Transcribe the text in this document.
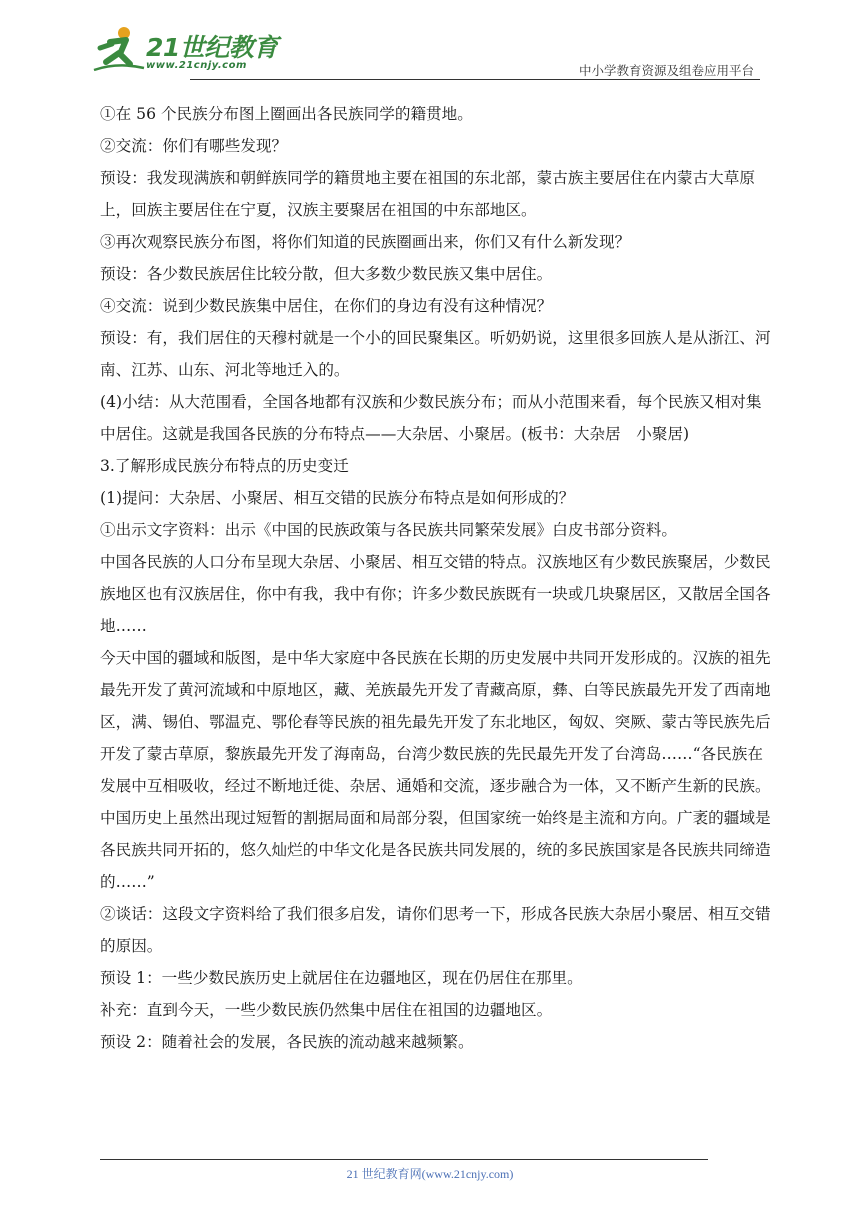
21世纪教育
www.21cnjy.com	中小学教育资源及组卷应用平台

①在 56 个民族分布图上圈画出各民族同学的籍贯地。

②交流：你们有哪些发现？

预设：我发现满族和朝鲜族同学的籍贯地主要在祖国的东北部，蒙古族主要居住在内蒙古大草原上，回族主要居住在宁夏，汉族主要聚居在祖国的中东部地区。

③再次观察民族分布图，将你们知道的民族圈画出来，你们又有什么新发现？

预设：各少数民族居住比较分散，但大多数少数民族又集中居住。

④交流：说到少数民族集中居住，在你们的身边有没有这种情况？

预设：有，我们居住的天穆村就是一个小的回民聚集区。听奶奶说，这里很多回族人是从浙江、河南、江苏、山东、河北等地迁入的。

(4)小结：从大范围看，全国各地都有汉族和少数民族分布；而从小范围来看，每个民族又相对集中居住。这就是我国各民族的分布特点——大杂居、小聚居。(板书：大杂居　小聚居)

3.了解形成民族分布特点的历史变迁

(1)提问：大杂居、小聚居、相互交错的民族分布特点是如何形成的？

①出示文字资料：出示《中国的民族政策与各民族共同繁荣发展》白皮书部分资料。

中国各民族的人口分布呈现大杂居、小聚居、相互交错的特点。汉族地区有少数民族聚居，少数民族地区也有汉族居住，你中有我，我中有你；许多少数民族既有一块或几块聚居区，又散居全国各地……

今天中国的疆域和版图，是中华大家庭中各民族在长期的历史发展中共同开发形成的。汉族的祖先最先开发了黄河流域和中原地区，藏、羌族最先开发了青藏高原，彝、白等民族最先开发了西南地区，满、锡伯、鄂温克、鄂伦春等民族的祖先最先开发了东北地区，匈奴、突厥、蒙古等民族先后开发了蒙古草原，黎族最先开发了海南岛，台湾少数民族的先民最先开发了台湾岛……“各民族在发展中互相吸收，经过不断地迁徙、杂居、通婚和交流，逐步融合为一体，又不断产生新的民族。中国历史上虽然出现过短暂的割据局面和局部分裂，但国家统一始终是主流和方向。广袤的疆域是各民族共同开拓的，悠久灿烂的中华文化是各民族共同发展的，统的多民族国家是各民族共同缔造的……”

②谈话：这段文字资料给了我们很多启发，请你们思考一下，形成各民族大杂居小聚居、相互交错的原因。

预设 1：一些少数民族历史上就居住在边疆地区，现在仍居住在那里。

补充：直到今天，一些少数民族仍然集中居住在祖国的边疆地区。

预设 2：随着社会的发展，各民族的流动越来越频繁。

21 世纪教育网(www.21cnjy.com)
